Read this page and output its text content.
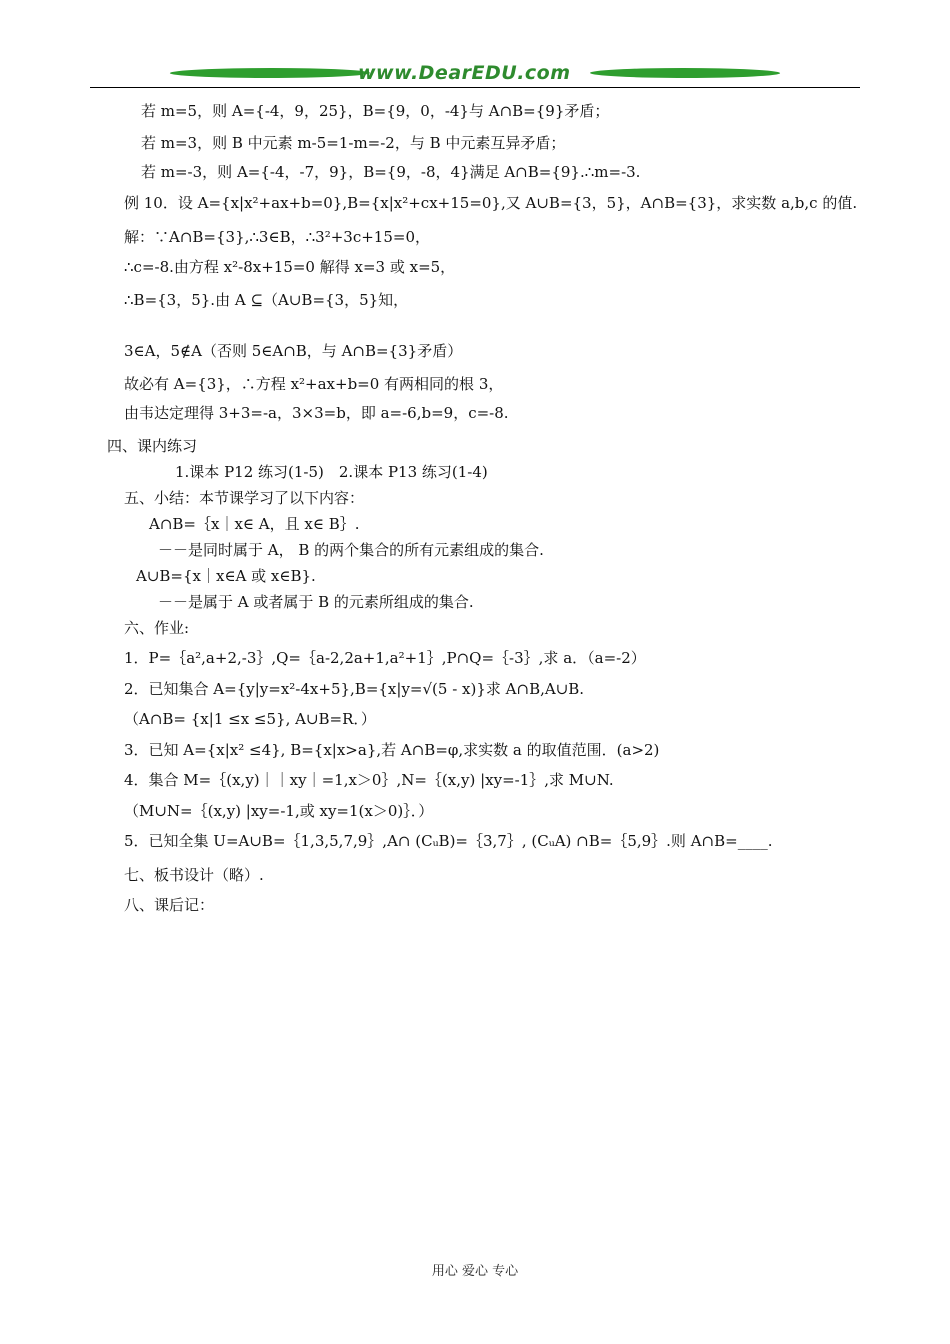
www.DearEDU.com
若 m=5，则 A={-4，9，25}，B={9，0，-4}与 A∩B={9}矛盾；
若 m=3，则 B 中元素 m-5=1-m=-2，与 B 中元素互异矛盾；
若 m=-3，则 A={-4，-7，9}，B={9，-8，4}满足 A∩B={9}.∴m=-3.
例 10．设 A={x|x²+ax+b=0},B={x|x²+cx+15=0},又 A∪B={3，5}，A∩B={3}，求实数 a,b,c 的值.
解：∵A∩B={3},∴3∈B，∴3²+3c+15=0，
∴c=-8.由方程 x²-8x+15=0 解得 x=3 或 x=5，
∴B={3，5}.由 A ⊆（A∪B={3，5}知，
3∈A，5∉A（否则 5∈A∩B，与 A∩B={3}矛盾）
故必有 A={3}，∴方程 x²+ax+b=0 有两相同的根 3，
由韦达定理得 3+3=-a，3×3=b，即 a=-6,b=9，c=-8.
四、课内练习
1.课本 P12 练习(1-5)　2.课本 P13 练习(1-4)
五、小结：本节课学习了以下内容：
A∩B=｛x｜x∈ A，且 x∈ B｝.
－－是同时属于 A， B 的两个集合的所有元素组成的集合.
A∪B={x｜x∈A 或 x∈B}.
－－是属于 A 或者属于 B 的元素所组成的集合.
六、作业:
1．P=｛a²,a+2,-3｝,Q=｛a-2,2a+1,a²+1｝,P∩Q=｛-3｝,求 a．（a=-2）
2．已知集合 A={y|y=x²-4x+5},B={x|y=√(5 - x)}求 A∩B,A∪B.
（A∩B= {x|1 ≤x ≤5}, A∪B=R．）
3．已知 A={x|x² ≤4}, B={x|x>a},若 A∩B=φ,求实数 a 的取值范围．(a>2)
4．集合 M=｛(x,y)｜｜xy｜=1,x＞0｝,N=｛(x,y) |xy=-1｝,求 M∪N.
（M∪N=｛(x,y) |xy=-1,或 xy=1(x＞0)｝．）
5．已知全集 U=A∪B=｛1,3,5,7,9｝,A∩ (CᵤB)=｛3,7｝, (CᵤA) ∩B=｛5,9｝.则 A∩B=____.
七、板书设计（略）.
八、课后记：
用心 爱心 专心
